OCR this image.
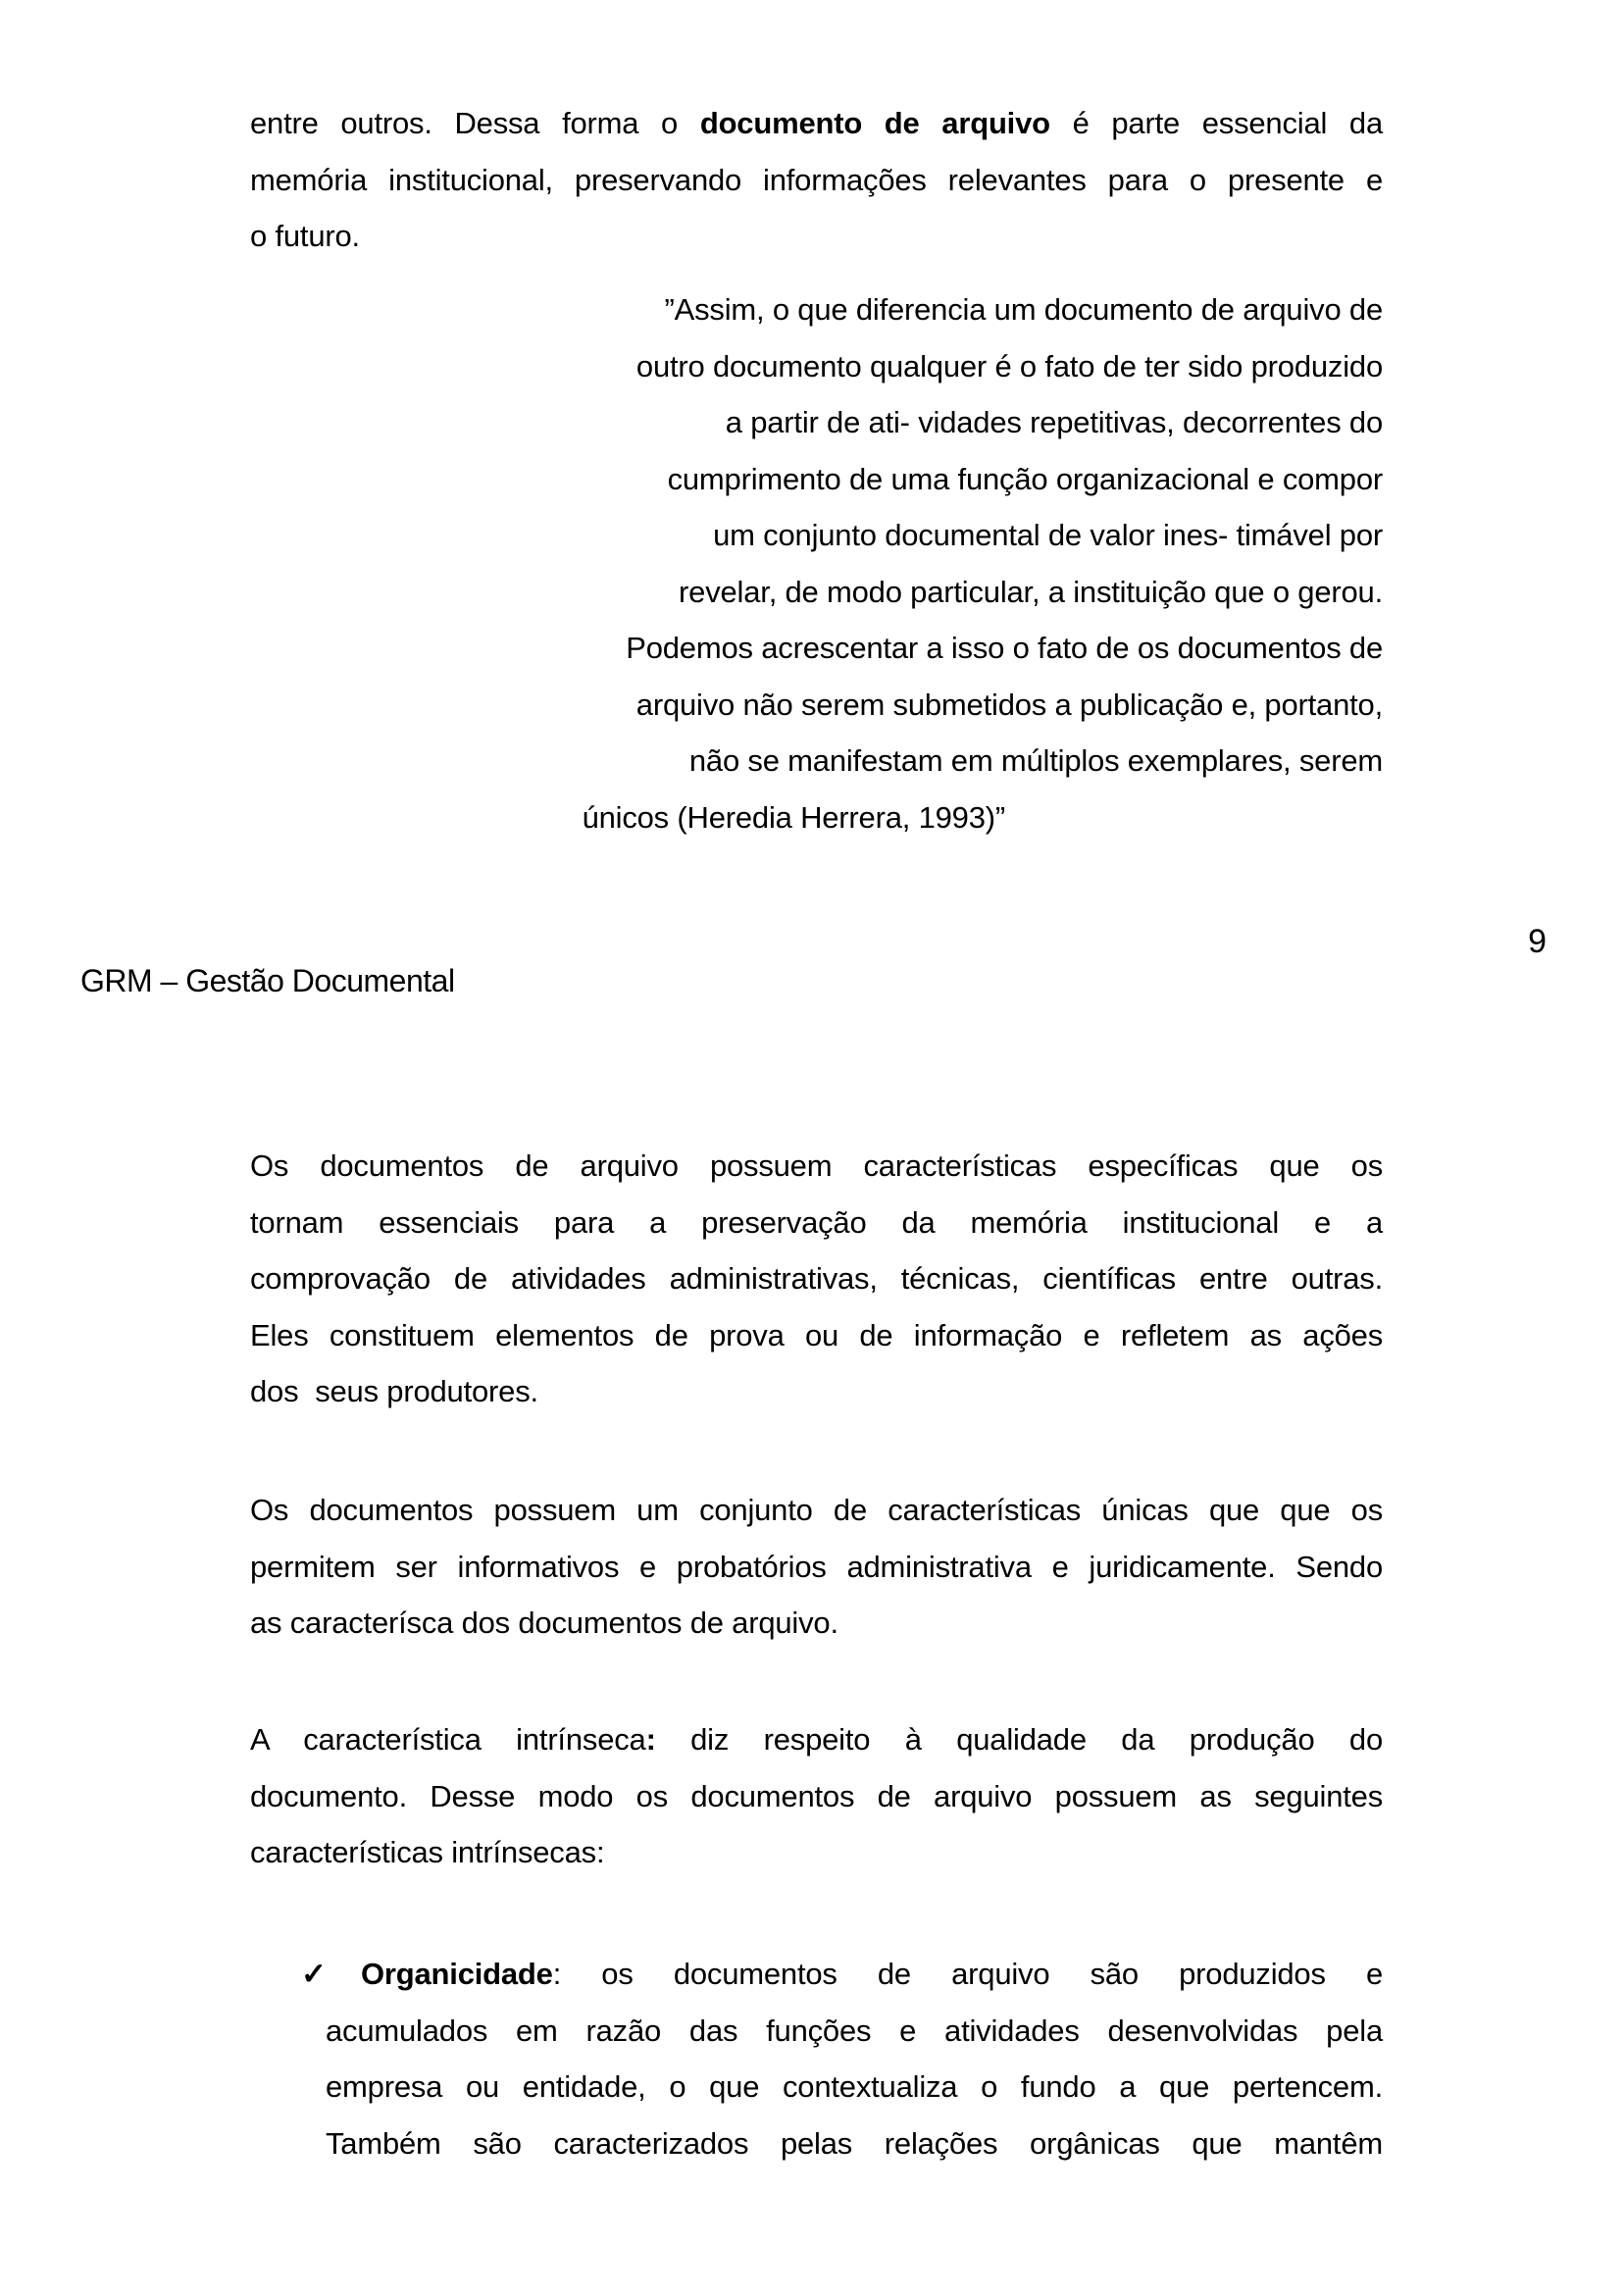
entre outros. Dessa forma o documento de arquivo é parte essencial da
memória institucional, preservando informações relevantes para o presente e
o futuro.
”Assim, o que diferencia um documento de arquivo de
outro documento qualquer é o fato de ter sido produzido
a partir de ati- vidades repetitivas, decorrentes do
cumprimento de uma função organizacional e compor
um conjunto documental de valor ines- timável por
revelar, de modo particular, a instituição que o gerou.
Podemos acrescentar a isso o fato de os documentos de
arquivo não serem submetidos a publicação e, portanto,
não se manifestam em múltiplos exemplares, serem
únicos (Heredia Herrera, 1993)”
9
GRM – Gestão Documental
Os documentos de arquivo possuem características específicas que os
tornam essenciais para a preservação da memória institucional e a
comprovação de atividades administrativas, técnicas, científicas entre outras.
Eles constituem elementos de prova ou de informação e refletem as ações
dos  seus produtores.
Os documentos possuem um conjunto de características únicas que que os
permitem ser informativos e probatórios administrativa e juridicamente. Sendo
as caracterísca dos documentos de arquivo.
A característica intrínseca: diz respeito à qualidade da produção do
documento. Desse modo os documentos de arquivo possuem as seguintes
características intrínsecas:
✓ Organicidade: os documentos de arquivo são produzidos e
acumulados em razão das funções e atividades desenvolvidas pela
empresa ou entidade, o que contextualiza o fundo a que pertencem.
Também são caracterizados pelas relações orgânicas que mantêm
